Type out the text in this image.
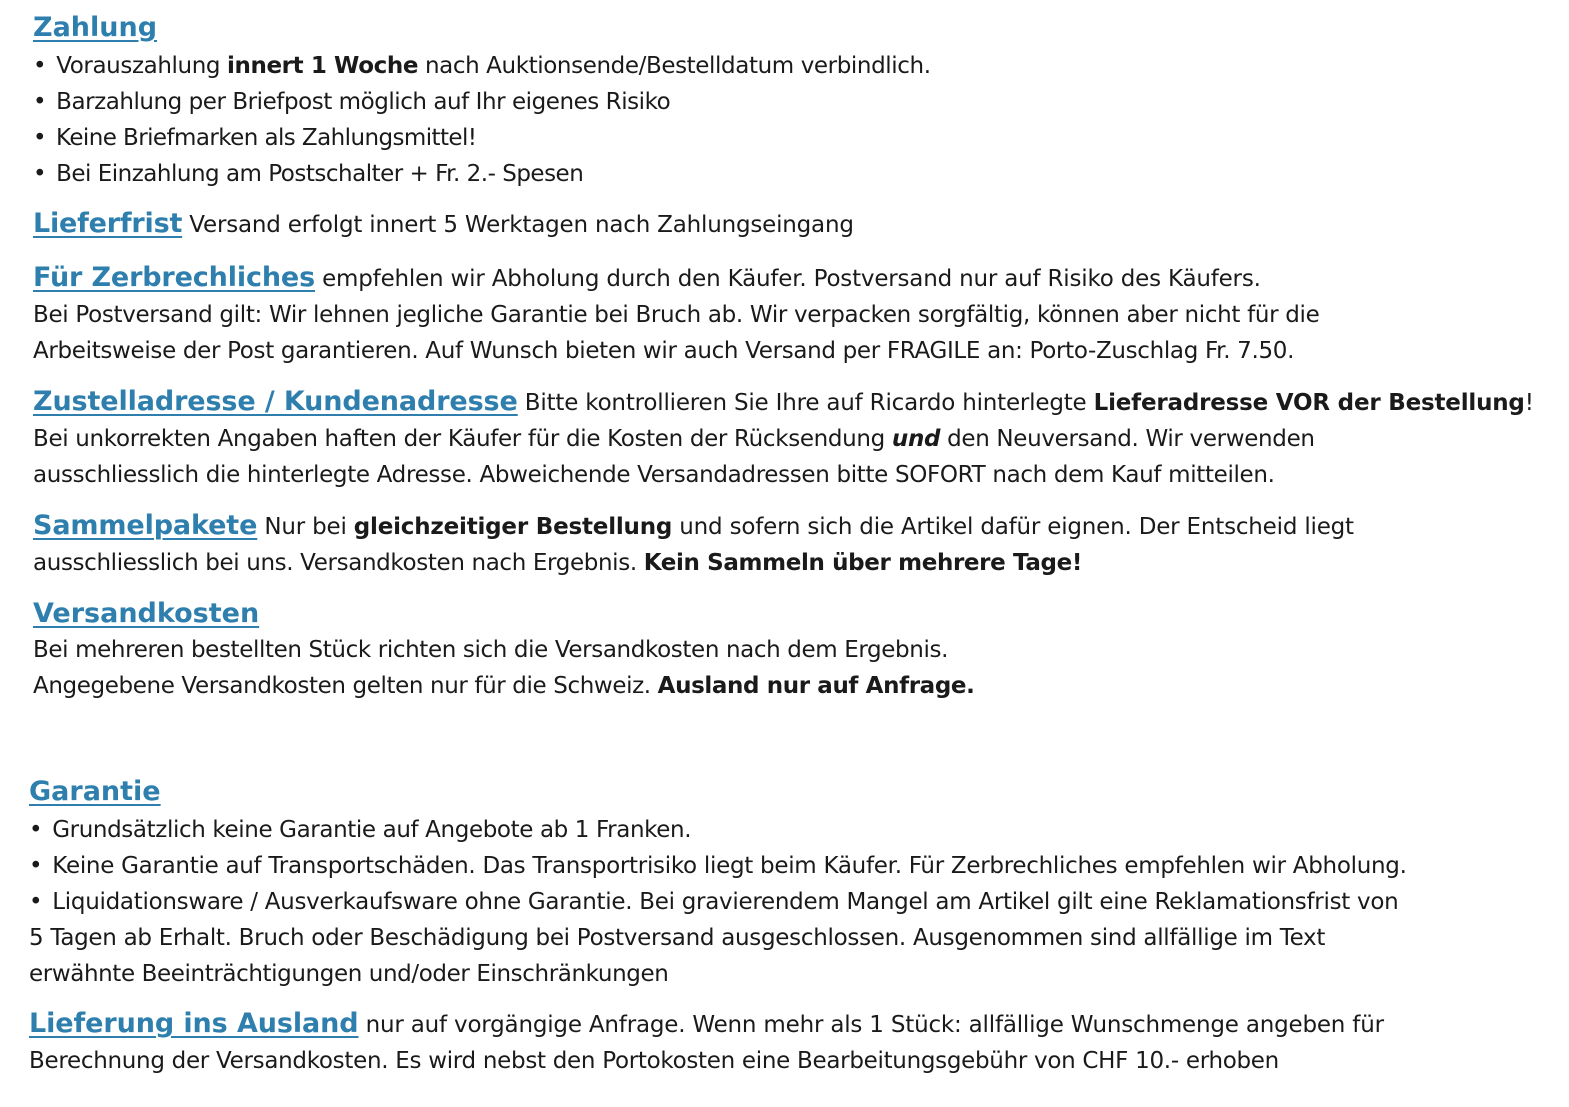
Zahlung
• Vorauszahlung innert 1 Woche nach Auktionsende/Bestelldatum verbindlich.
• Barzahlung per Briefpost möglich auf Ihr eigenes Risiko
• Keine Briefmarken als Zahlungsmittel!
• Bei Einzahlung am Postschalter + Fr. 2.- Spesen
Lieferfrist Versand erfolgt innert 5 Werktagen nach Zahlungseingang
Für Zerbrechliches empfehlen wir Abholung durch den Käufer. Postversand nur auf Risiko des Käufers.
Bei Postversand gilt: Wir lehnen jegliche Garantie bei Bruch ab. Wir verpacken sorgfältig, können aber nicht für die
Arbeitsweise der Post garantieren. Auf Wunsch bieten wir auch Versand per FRAGILE an: Porto-Zuschlag Fr. 7.50.
Zustelladresse / Kundenadresse Bitte kontrollieren Sie Ihre auf Ricardo hinterlegte Lieferadresse VOR der Bestellung!
Bei unkorrekten Angaben haften der Käufer für die Kosten der Rücksendung und den Neuversand. Wir verwenden
ausschliesslich die hinterlegte Adresse. Abweichende Versandadressen bitte SOFORT nach dem Kauf mitteilen.
Sammelpakete Nur bei gleichzeitiger Bestellung und sofern sich die Artikel dafür eignen. Der Entscheid liegt
ausschliesslich bei uns. Versandkosten nach Ergebnis. Kein Sammeln über mehrere Tage!
Versandkosten
Bei mehreren bestellten Stück richten sich die Versandkosten nach dem Ergebnis.
Angegebene Versandkosten gelten nur für die Schweiz. Ausland nur auf Anfrage.
Garantie
• Grundsätzlich keine Garantie auf Angebote ab 1 Franken.
• Keine Garantie auf Transportschäden. Das Transportrisiko liegt beim Käufer. Für Zerbrechliches empfehlen wir Abholung.
• Liquidationsware / Ausverkaufsware ohne Garantie. Bei gravierendem Mangel am Artikel gilt eine Reklamationsfrist von
5 Tagen ab Erhalt. Bruch oder Beschädigung bei Postversand ausgeschlossen. Ausgenommen sind allfällige im Text
erwähnte Beeinträchtigungen und/oder Einschränkungen
Lieferung ins Ausland nur auf vorgängige Anfrage. Wenn mehr als 1 Stück: allfällige Wunschmenge angeben für
Berechnung der Versandkosten. Es wird nebst den Portokosten eine Bearbeitungsgebühr von CHF 10.- erhoben
